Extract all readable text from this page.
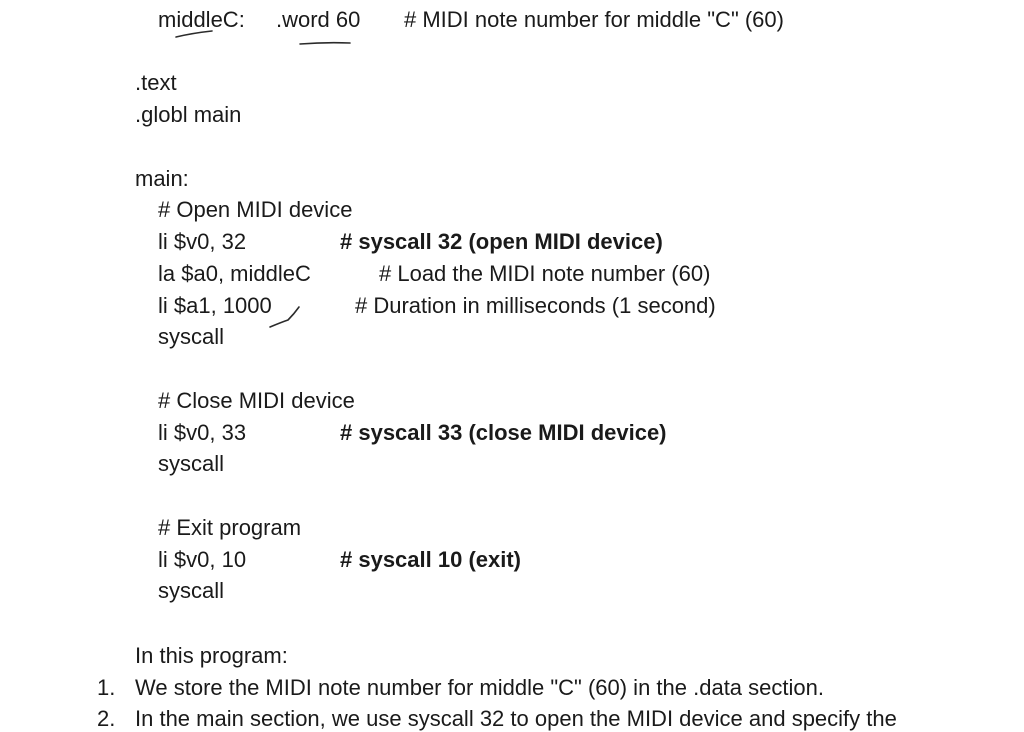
middleC: .word 60 # MIDI note number for middle "C" (60)
.text
.globl main
main:
# Open MIDI device
li $v0, 32	# syscall 32 (open MIDI device)
la $a0, middleC	# Load the MIDI note number (60)
li $a1, 1000	# Duration in milliseconds (1 second)
syscall
# Close MIDI device
li $v0, 33	# syscall 33 (close MIDI device)
syscall
# Exit program
li $v0, 10	# syscall 10 (exit)
syscall
In this program:
1. We store the MIDI note number for middle "C" (60) in the .data section.
2. In the main section, we use syscall 32 to open the MIDI device and specify the
